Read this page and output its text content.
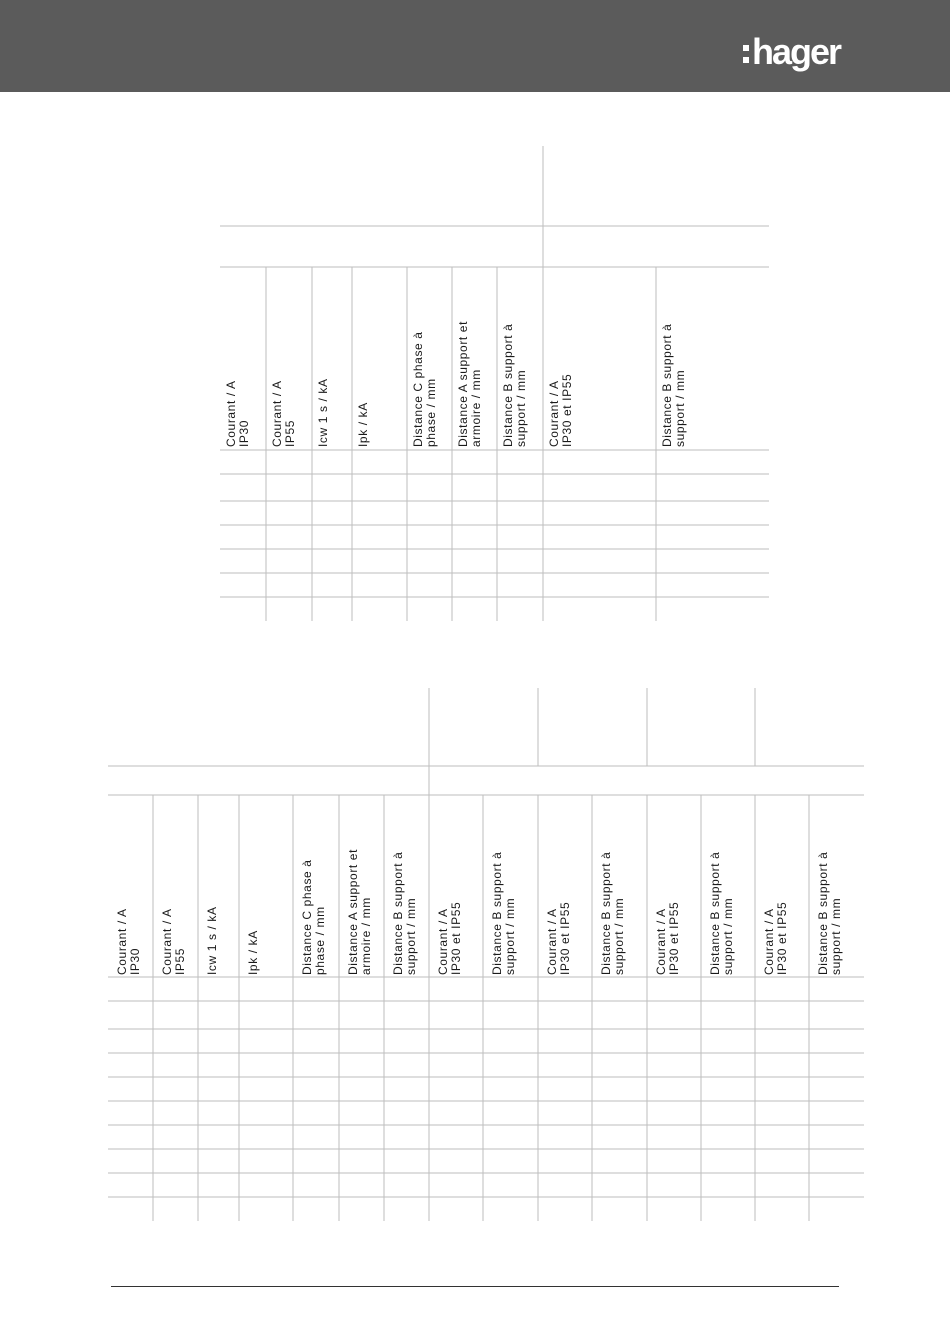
hager
Courant / AIP30 Courant / AIP55 Icw 1 s / kA Ipk / kA	Distance C phase àphase / mm Distance A support etarmoire / mm Distance B support àsupport / mm Courant / AIP30 et IP55	Distance B support àsupport / mm
Courant / AIP30 Courant / AIP55 Icw 1 s / kA Ipk / kA	Distance C phase àphase / mm Distance A support etarmoire / mm Distance B support àsupport / mm Courant / AIP30 et IP55 Distance B support àsupport / mm Courant / AIP30 et IP55 Distance B support àsupport / mm Courant / AIP30 et IP55 Distance B support àsupport / mm Courant / AIP30 et IP55 Distance B support àsupport / mm
